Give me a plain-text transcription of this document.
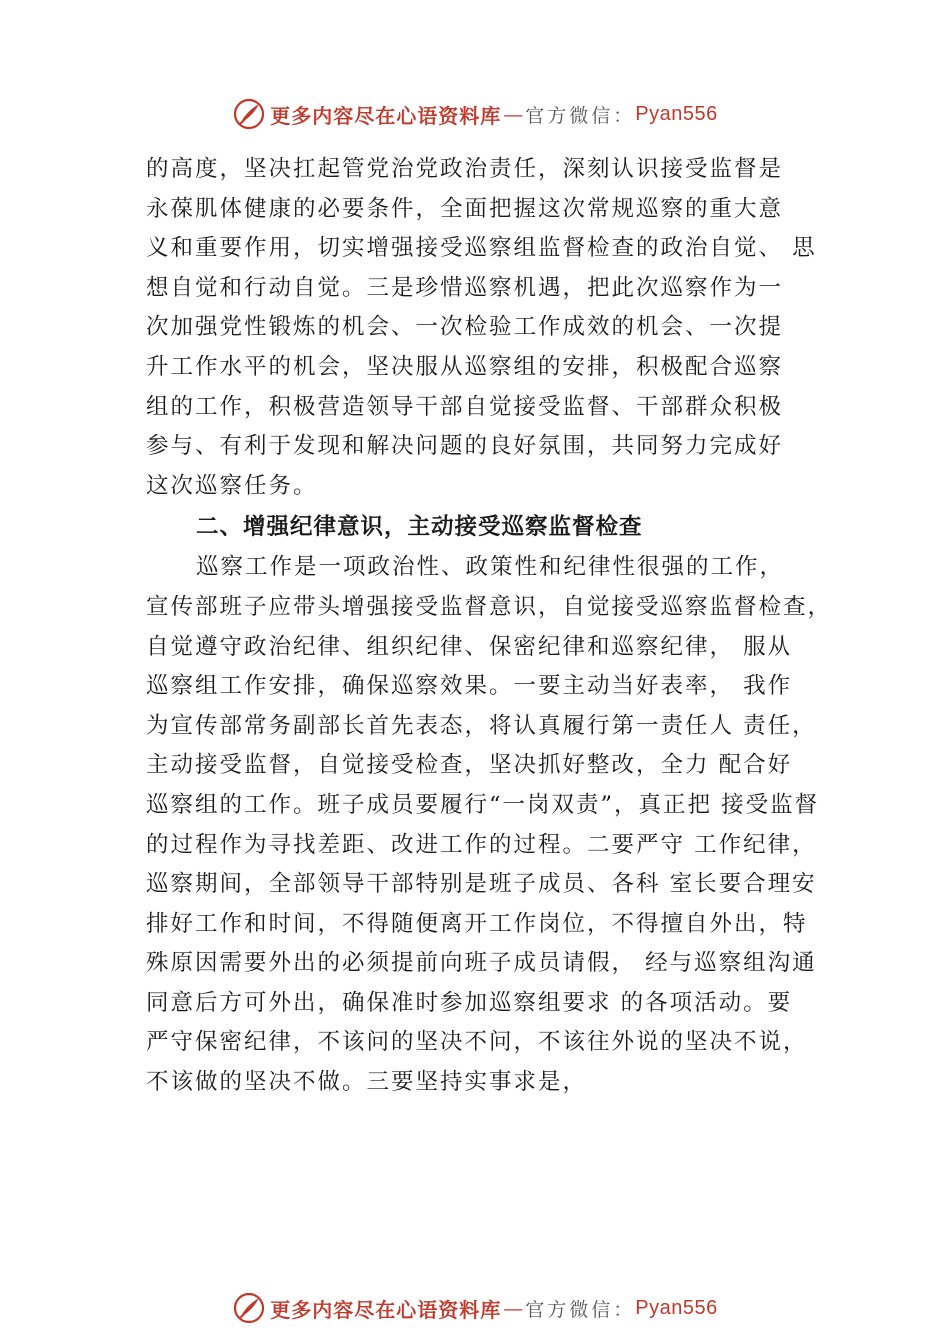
更多内容尽在心语资料库 — 官方微信： Pyan556
的高度，坚决扛起管党治党政治责任，深刻认识接受监督是
永葆肌体健康的必要条件，全面把握这次常规巡察的重大意
义和重要作用，切实增强接受巡察组监督检查的政治自觉、 思
想自觉和行动自觉。三是珍惜巡察机遇，把此次巡察作为一
次加强党性锻炼的机会、一次检验工作成效的机会、一次提
升工作水平的机会，坚决服从巡察组的安排，积极配合巡察
组的工作，积极营造领导干部自觉接受监督、干部群众积极
参与、有利于发现和解决问题的良好氛围，共同努力完成好
这次巡察任务。
二、增强纪律意识，主动接受巡察监督检查
巡察工作是一项政治性、政策性和纪律性很强的工作，
宣传部班子应带头增强接受监督意识，自觉接受巡察监督检查，
自觉遵守政治纪律、组织纪律、保密纪律和巡察纪律， 服从
巡察组工作安排，确保巡察效果。一要主动当好表率， 我作
为宣传部常务副部长首先表态，将认真履行第一责任人 责任，
主动接受监督，自觉接受检查，坚决抓好整改，全力 配合好
巡察组的工作。班子成员要履行“一岗双责”，真正把 接受监督
的过程作为寻找差距、改进工作的过程。二要严守 工作纪律，
巡察期间，全部领导干部特别是班子成员、各科 室长要合理安
排好工作和时间，不得随便离开工作岗位，不得擅自外出，特
殊原因需要外出的必须提前向班子成员请假， 经与巡察组沟通
同意后方可外出，确保准时参加巡察组要求 的各项活动。要
严守保密纪律，不该问的坚决不问，不该往外说的坚决不说，
不该做的坚决不做。三要坚持实事求是，
更多内容尽在心语资料库 — 官方微信： Pyan556
